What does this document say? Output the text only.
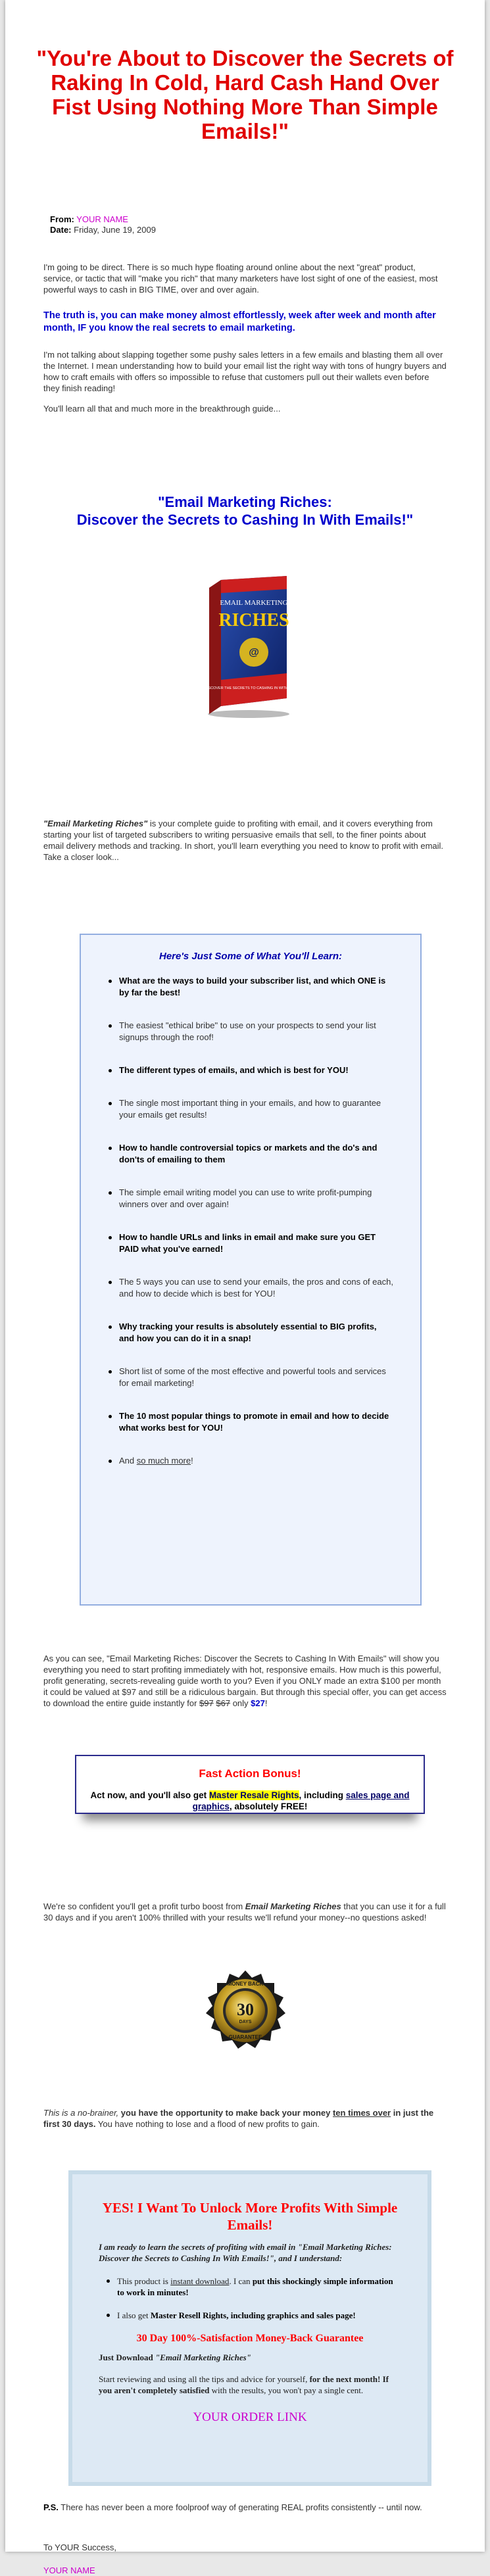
"You're About to Discover the Secrets of Raking In Cold, Hard Cash Hand Over Fist Using Nothing More Than Simple Emails!"
From: YOUR NAME
Date: Friday, June 19, 2009

I'm going to be direct. There is so much hype floating around online about the next "great" product, service, or tactic that will "make you rich" that many marketers have lost sight of one of the easiest, most powerful ways to cash in BIG TIME, over and over again.

The truth is, you can make money almost effortlessly, week after week and month after month, IF you know the real secrets to email marketing.

I'm not talking about slapping together some pushy sales letters in a few emails and blasting them all over the Internet. I mean understanding how to build your email list the right way with tons of hungry buyers and how to craft emails with offers so impossible to refuse that customers pull out their wallets even before they finish reading!

You'll learn all that and much more in the breakthrough guide...

"Email Marketing Riches:
Discover the Secrets to Cashing In With Emails!"
EMAIL MARKETING
RICHES
@
DISCOVER THE SECRETS TO CASHING IN WITH EMAILS!

"Email Marketing Riches" is your complete guide to profiting with email, and it covers everything from starting your list of targeted subscribers to writing persuasive emails that sell, to the finer points about email delivery methods and tracking. In short, you'll learn everything you need to know to profit with email. Take a closer look...

Here's Just Some of What You'll Learn:
What are the ways to build your subscriber list, and which ONE is by far the best!
The easiest "ethical bribe" to use on your prospects to send your list signups through the roof!
The different types of emails, and which is best for YOU!
The single most important thing in your emails, and how to guarantee your emails get results!
How to handle controversial topics or markets and the do's and don'ts of emailing to them
The simple email writing model you can use to write profit-pumping winners over and over again!
How to handle URLs and links in email and make sure you GET PAID what you've earned!
The 5 ways you can use to send your emails, the pros and cons of each, and how to decide which is best for YOU!
Why tracking your results is absolutely essential to BIG profits, and how you can do it in a snap!
Short list of some of the most effective and powerful tools and services for email marketing!
The 10 most popular things to promote in email and how to decide what works best for YOU!
And so much more!

As you can see, "Email Marketing Riches: Discover the Secrets to Cashing In With Emails" will show you everything you need to start profiting immediately with hot, responsive emails. How much is this powerful, profit generating, secrets-revealing guide worth to you? Even if you ONLY made an extra $100 per month it could be valued at $97 and still be a ridiculous bargain. But through this special offer, you can get access to download the entire guide instantly for $97 $67 only $27!

Fast Action Bonus!
Act now, and you'll also get Master Resale Rights, including sales page and graphics, absolutely FREE!

We're so confident you'll get a profit turbo boost from Email Marketing Riches that you can use it for a full 30 days and if you aren't 100% thrilled with your results we'll refund your money--no questions asked!

MONEY BACK
30
DAYS
GUARANTEE

This is a no-brainer, you have the opportunity to make back your money ten times over in just the first 30 days. You have nothing to lose and a flood of new profits to gain.

YES! I Want To Unlock More Profits With Simple Emails!
I am ready to learn the secrets of profiting with email in "Email Marketing Riches: Discover the Secrets to Cashing In With Emails!", and I understand:
This product is instant download. I can put this shockingly simple information to work in minutes!
I also get Master Resell Rights, including graphics and sales page!
30 Day 100%-Satisfaction Money-Back Guarantee
Just Download "Email Marketing Riches"
Start reviewing and using all the tips and advice for yourself, for the next month! If you aren't completely satisfied with the results, you won't pay a single cent.
YOUR ORDER LINK

P.S. There has never been a more foolproof way of generating REAL profits consistently -- until now.

To YOUR Success,

YOUR NAME
